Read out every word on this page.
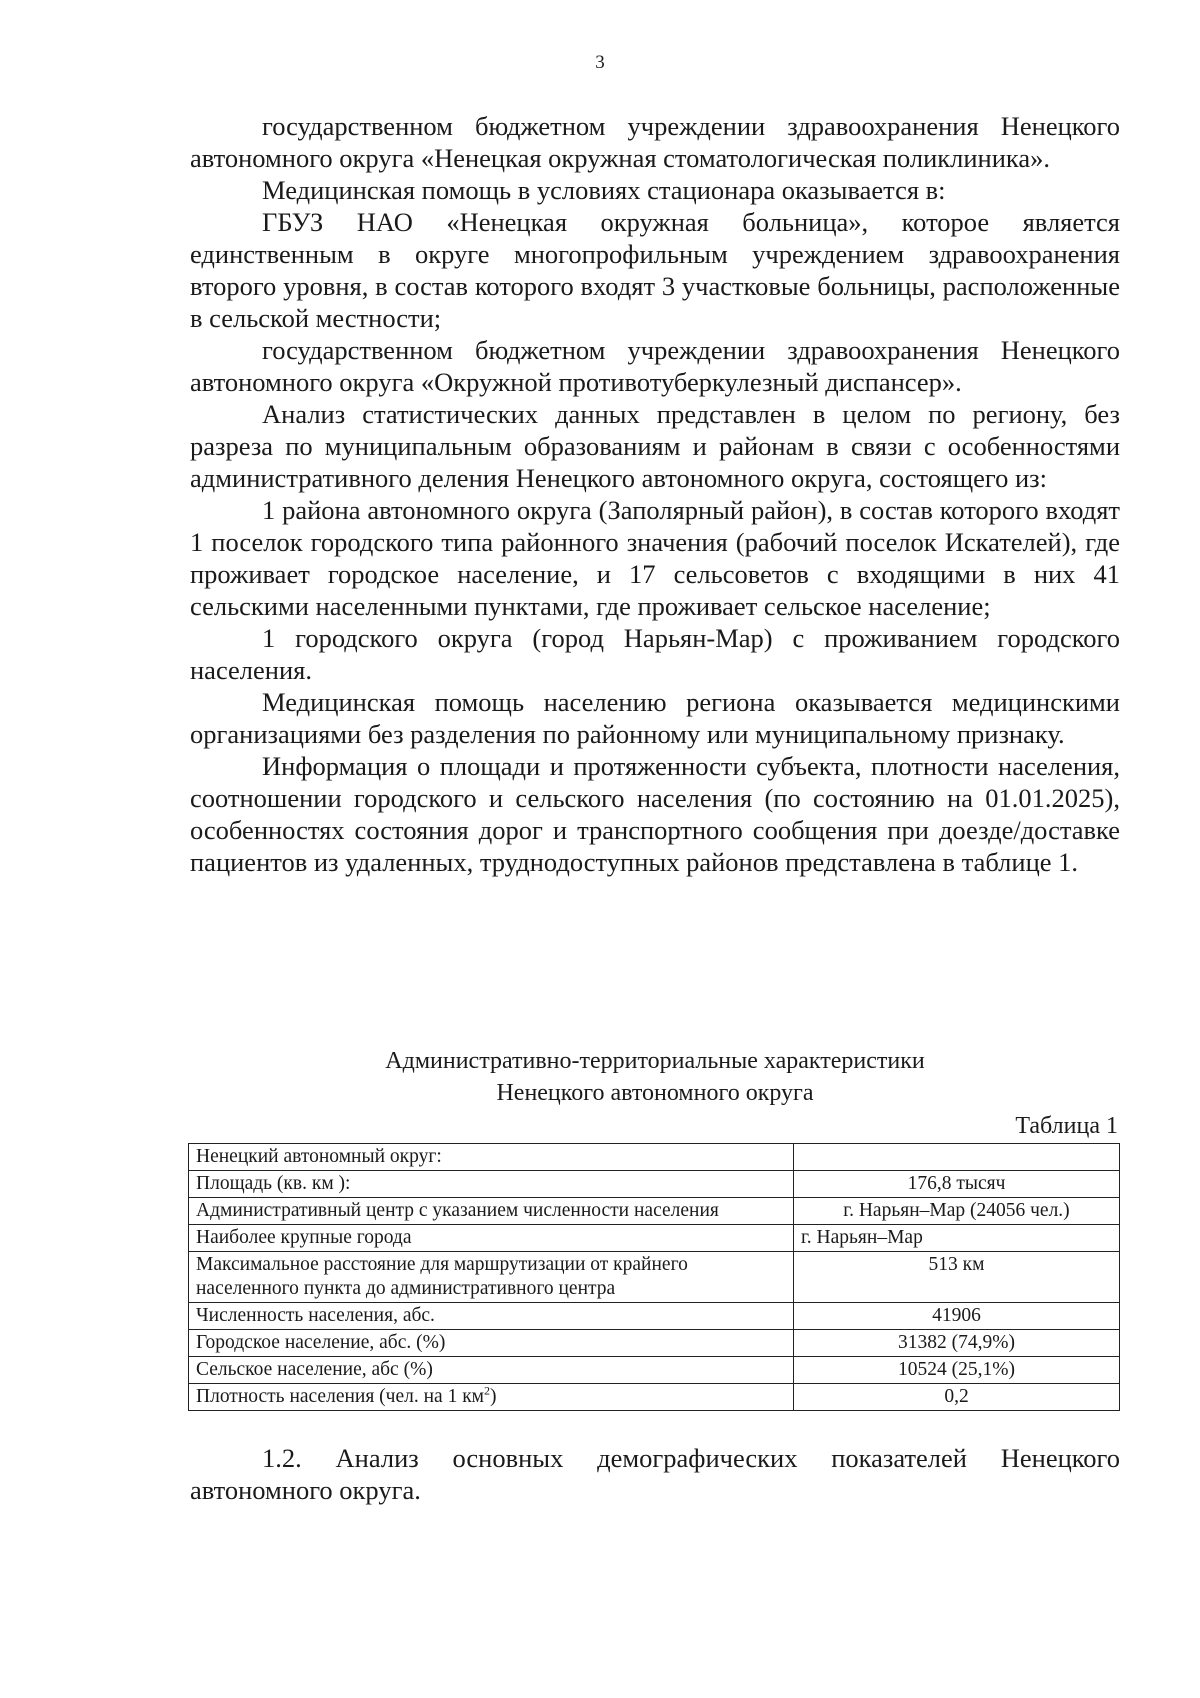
3

государственном бюджетном учреждении здравоохранения Ненецкого автономного округа «Ненецкая окружная стоматологическая поликлиника».

Медицинская помощь в условиях стационара оказывается в:

ГБУЗ НАО «Ненецкая окружная больница», которое является единственным в округе многопрофильным учреждением здравоохранения второго уровня, в состав которого входят 3 участковые больницы, расположенные в сельской местности;

государственном бюджетном учреждении здравоохранения Ненецкого автономного округа «Окружной противотуберкулезный диспансер».

Анализ статистических данных представлен в целом по региону, без разреза по муниципальным образованиям и районам в связи с особенностями административного деления Ненецкого автономного округа, состоящего из:

1 района автономного округа (Заполярный район), в состав которого входят 1 поселок городского типа районного значения (рабочий поселок Искателей), где проживает городское население, и 17 сельсоветов с входящими в них 41 сельскими населенными пунктами, где проживает сельское население;

1 городского округа (город Нарьян-Мар) с проживанием городского населения.

Медицинская помощь населению региона оказывается медицинскими организациями без разделения по районному или муниципальному признаку.

Информация о площади и протяженности субъекта, плотности населения, соотношении городского и сельского населения (по состоянию на 01.01.2025), особенностях состояния дорог и транспортного сообщения при доезде/доставке пациентов из удаленных, труднодоступных районов представлена в таблице 1.

Административно-территориальные характеристики
Ненецкого автономного округа
Таблица 1
Ненецкий автономный округ:	
Площадь (кв. км ):	176,8 тысяч
Административный центр с указанием численности населения	г. Нарьян–Мар (24056 чел.)
Наиболее крупные города	г. Нарьян–Мар
Максимальное расстояние для маршрутизации от крайнего населенного пункта до административного центра	513 км
Численность населения, абс.	41906
Городское население, абс. (%)	31382 (74,9%)
Сельское население, абс (%)	10524 (25,1%)
Плотность населения (чел. на 1 $км^2$)	0,2

1.2. Анализ основных демографических показателей Ненецкого автономного округа.
